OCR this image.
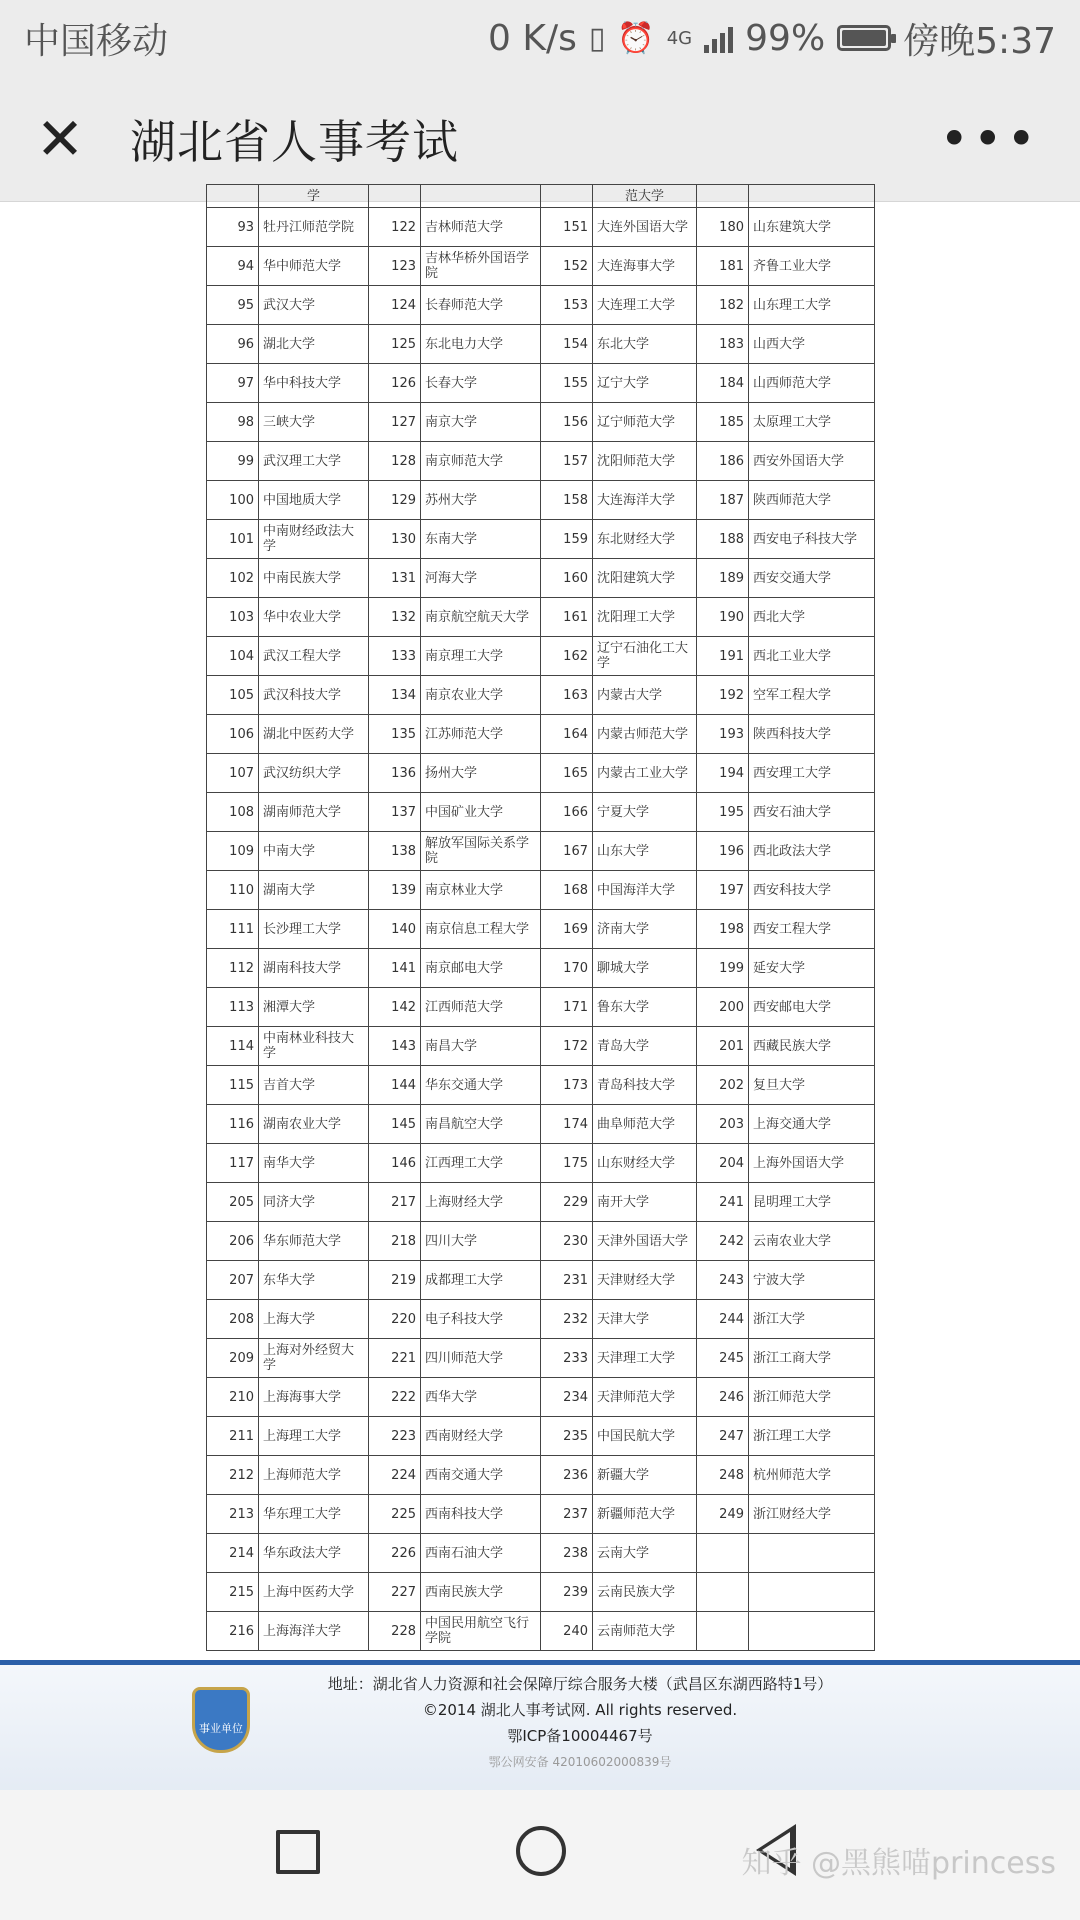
中国移动	0 K/s ▯ ⏰ 4G 99% 傍晚5:37
✕ 湖北省人事考试	•••
	学				范大学		
93	牡丹江师范学院	122	吉林师范大学	151	大连外国语大学	180	山东建筑大学
94	华中师范大学	123	吉林华桥外国语学院	152	大连海事大学	181	齐鲁工业大学
95	武汉大学	124	长春师范大学	153	大连理工大学	182	山东理工大学
96	湖北大学	125	东北电力大学	154	东北大学	183	山西大学
97	华中科技大学	126	长春大学	155	辽宁大学	184	山西师范大学
98	三峡大学	127	南京大学	156	辽宁师范大学	185	太原理工大学
99	武汉理工大学	128	南京师范大学	157	沈阳师范大学	186	西安外国语大学
100	中国地质大学	129	苏州大学	158	大连海洋大学	187	陕西师范大学
101	中南财经政法大学	130	东南大学	159	东北财经大学	188	西安电子科技大学
102	中南民族大学	131	河海大学	160	沈阳建筑大学	189	西安交通大学
103	华中农业大学	132	南京航空航天大学	161	沈阳理工大学	190	西北大学
104	武汉工程大学	133	南京理工大学	162	辽宁石油化工大学	191	西北工业大学
105	武汉科技大学	134	南京农业大学	163	内蒙古大学	192	空军工程大学
106	湖北中医药大学	135	江苏师范大学	164	内蒙古师范大学	193	陕西科技大学
107	武汉纺织大学	136	扬州大学	165	内蒙古工业大学	194	西安理工大学
108	湖南师范大学	137	中国矿业大学	166	宁夏大学	195	西安石油大学
109	中南大学	138	解放军国际关系学院	167	山东大学	196	西北政法大学
110	湖南大学	139	南京林业大学	168	中国海洋大学	197	西安科技大学
111	长沙理工大学	140	南京信息工程大学	169	济南大学	198	西安工程大学
112	湖南科技大学	141	南京邮电大学	170	聊城大学	199	延安大学
113	湘潭大学	142	江西师范大学	171	鲁东大学	200	西安邮电大学
114	中南林业科技大学	143	南昌大学	172	青岛大学	201	西藏民族大学
115	吉首大学	144	华东交通大学	173	青岛科技大学	202	复旦大学
116	湖南农业大学	145	南昌航空大学	174	曲阜师范大学	203	上海交通大学
117	南华大学	146	江西理工大学	175	山东财经大学	204	上海外国语大学
205	同济大学	217	上海财经大学	229	南开大学	241	昆明理工大学
206	华东师范大学	218	四川大学	230	天津外国语大学	242	云南农业大学
207	东华大学	219	成都理工大学	231	天津财经大学	243	宁波大学
208	上海大学	220	电子科技大学	232	天津大学	244	浙江大学
209	上海对外经贸大学	221	四川师范大学	233	天津理工大学	245	浙江工商大学
210	上海海事大学	222	西华大学	234	天津师范大学	246	浙江师范大学
211	上海理工大学	223	西南财经大学	235	中国民航大学	247	浙江理工大学
212	上海师范大学	224	西南交通大学	236	新疆大学	248	杭州师范大学
213	华东理工大学	225	西南科技大学	237	新疆师范大学	249	浙江财经大学
214	华东政法大学	226	西南石油大学	238	云南大学		
215	上海中医药大学	227	西南民族大学	239	云南民族大学		
216	上海海洋大学	228	中国民用航空飞行学院	240	云南师范大学		
事业单位
地址：湖北省人力资源和社会保障厅综合服务大楼（武昌区东湖西路特1号）
©2014 湖北人事考试网. All rights reserved.
鄂ICP备10004467号
鄂公网安备 42010602000839号
知乎 @黑熊喵princess
